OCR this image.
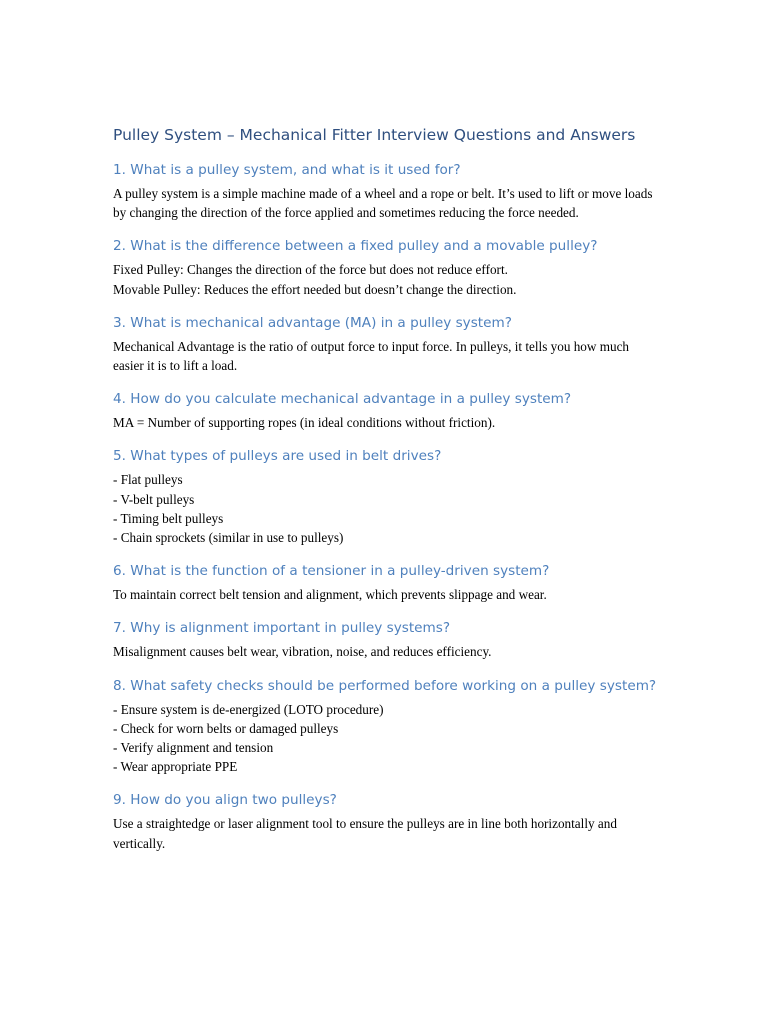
Pulley System – Mechanical Fitter Interview Questions and Answers
1. What is a pulley system, and what is it used for?

A pulley system is a simple machine made of a wheel and a rope or belt. It’s used to lift or move loads by changing the direction of the force applied and sometimes reducing the force needed.

2. What is the difference between a fixed pulley and a movable pulley?

Fixed Pulley: Changes the direction of the force but does not reduce effort.
Movable Pulley: Reduces the effort needed but doesn’t change the direction.

3. What is mechanical advantage (MA) in a pulley system?

Mechanical Advantage is the ratio of output force to input force. In pulleys, it tells you how much easier it is to lift a load.

4. How do you calculate mechanical advantage in a pulley system?

MA = Number of supporting ropes (in ideal conditions without friction).

5. What types of pulleys are used in belt drives?

- Flat pulleys
- V-belt pulleys
- Timing belt pulleys
- Chain sprockets (similar in use to pulleys)

6. What is the function of a tensioner in a pulley-driven system?

To maintain correct belt tension and alignment, which prevents slippage and wear.

7. Why is alignment important in pulley systems?

Misalignment causes belt wear, vibration, noise, and reduces efficiency.

8. What safety checks should be performed before working on a pulley system?

- Ensure system is de-energized (LOTO procedure)
- Check for worn belts or damaged pulleys
- Verify alignment and tension
- Wear appropriate PPE

9. How do you align two pulleys?

Use a straightedge or laser alignment tool to ensure the pulleys are in line both horizontally and vertically.
